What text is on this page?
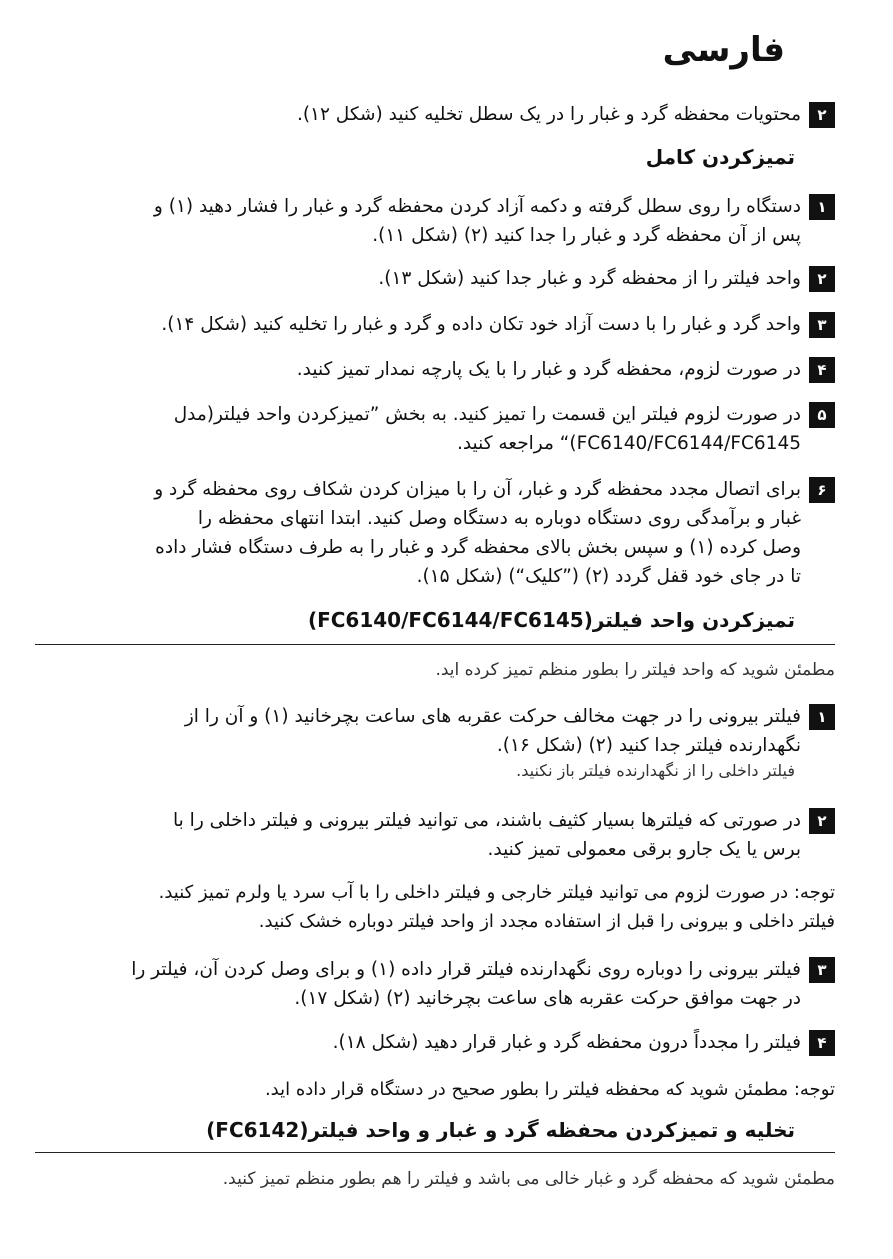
فارسی
۲محتویات محفظه گرد و غبار را در یک سطل تخلیه کنید (شکل ۱۲).
تمیزکردن کامل
۱دستگاه را روی سطل گرفته و دکمه آزاد کردن محفظه گرد و غبار را فشار دهید (۱) و
پس از آن محفظه گرد و غبار را جدا کنید (۲) (شکل ۱۱).
۲واحد فیلتر را از محفظه گرد و غبار جدا کنید (شکل ۱۳).
۳واحد گرد و غبار را با دست آزاد خود تکان داده و گرد و غبار را تخلیه کنید (شکل ۱۴).
۴در صورت لزوم، محفظه گرد و غبار را با یک پارچه نمدار تمیز کنید.
۵در صورت لزوم فیلتر این قسمت را تمیز کنید. به بخش ”تمیزکردن واحد فیلتر(مدل
FC6140/FC6144/FC6145)“ مراجعه کنید.
۶برای اتصال مجدد محفظه گرد و غبار، آن را با میزان کردن شکاف روی محفظه گرد و
غبار و برآمدگی روی دستگاه دوباره به دستگاه وصل کنید. ابتدا انتهای محفظه را
وصل کرده (۱) و سپس بخش بالای محفظه گرد و غبار را به طرف دستگاه فشار داده
تا در جای خود قفل گردد (۲) (”کلیک“) (شکل ۱۵).
تمیزکردن واحد فیلتر(FC6140/FC6144/FC6145)
مطمئن شوید که واحد فیلتر را بطور منظم تمیز کرده اید.
۱فیلتر بیرونی را در جهت مخالف حرکت عقربه های ساعت بچرخانید (۱) و آن را از
نگهدارنده فیلتر جدا کنید (۲) (شکل ۱۶).
فیلتر داخلی را از نگهدارنده فیلتر باز نکنید.
۲در صورتی که فیلترها بسیار کثیف باشند، می توانید فیلتر بیرونی و فیلتر داخلی را با
برس یا یک جارو برقی معمولی تمیز کنید.
توجه: در صورت لزوم می توانید فیلتر خارجی و فیلتر داخلی را با آب سرد یا ولرم تمیز کنید.
فیلتر داخلی و بیرونی را قبل از استفاده مجدد از واحد فیلتر دوباره خشک کنید.
۳فیلتر بیرونی را دوباره روی نگهدارنده فیلتر قرار داده (۱) و برای وصل کردن آن، فیلتر را
در جهت موافق حرکت عقربه های ساعت بچرخانید (۲) (شکل ۱۷).
۴فیلتر را مجدداً درون محفظه گرد و غبار قرار دهید (شکل ۱۸).
توجه: مطمئن شوید که محفظه فیلتر را بطور صحیح در دستگاه قرار داده اید.
تخلیه و تمیزکردن محفظه گرد و غبار و واحد فیلتر(FC6142)
مطمئن شوید که محفظه گرد و غبار خالی می باشد و فیلتر را هم بطور منظم تمیز کنید.
